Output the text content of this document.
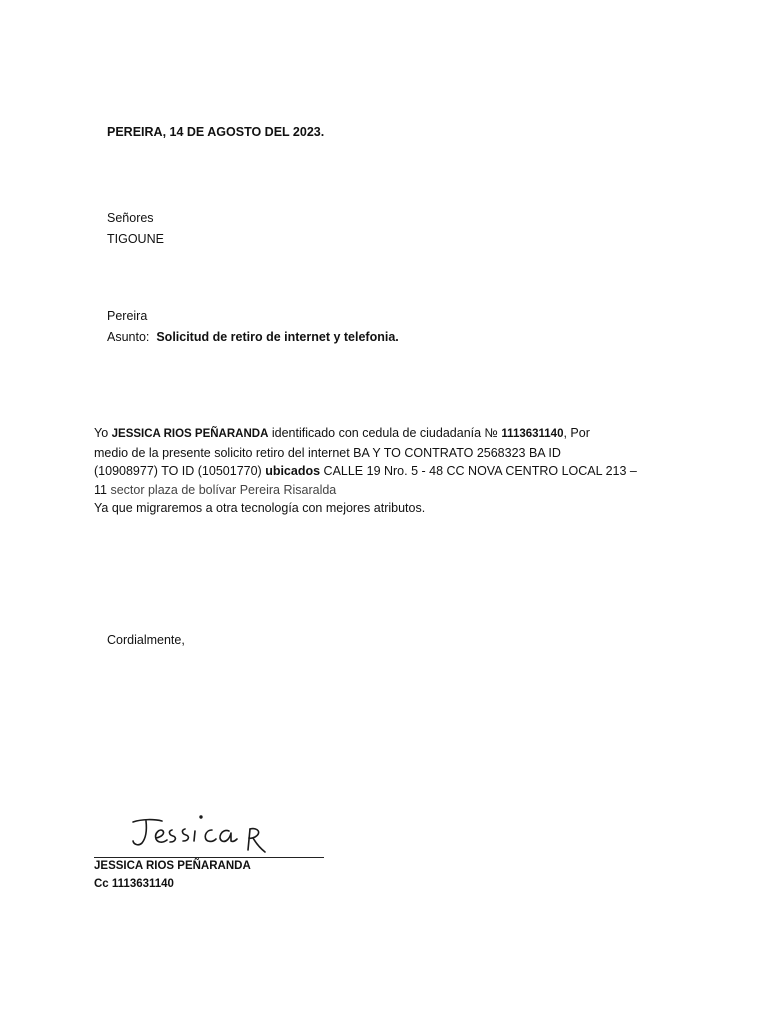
PEREIRA, 14 DE AGOSTO DEL 2023.
Señores
TIGOUNE
Pereira
Asunto: Solicitud de retiro de internet y telefonia.
Yo JESSICA RIOS PEÑARANDA identificado con cedula de ciudadanía № 1113631140, Por
medio de la presente solicito retiro del internet BA Y TO CONTRATO 2568323 BA ID
(10908977) TO ID (10501770) ubicados CALLE 19 Nro. 5 - 48 CC NOVA CENTRO LOCAL 213 –
11 sector plaza de bolívar Pereira Risaralda
Ya que migraremos a otra tecnología con mejores atributos.
Cordialmente,
JESSICA RIOS PEÑARANDA
Cc 1113631140
